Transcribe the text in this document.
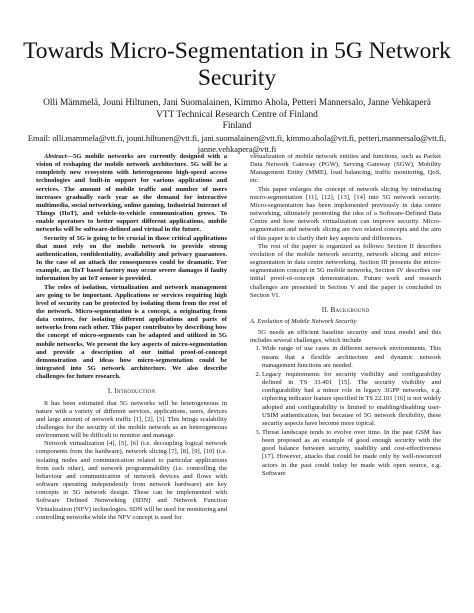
Towards Micro-Segmentation in 5G Network Security
Olli Mämmelä, Jouni Hiltunen, Jani Suomalainen, Kimmo Ahola, Petteri Mannersalo, Janne Vehkaperä
VTT Technical Research Centre of Finland
Finland
Email: olli.mammela@vtt.fi, jouni.hiltunen@vtt.fi, jani.suomalainen@vtt.fi, kimmo.ahola@vtt.fi, petteri.mannersalo@vtt.fi,
janne.vehkapera@vtt.fi

Abstract—5G mobile networks are currently designed with a vision of reshaping the mobile network architecture. 5G will be a completely new ecosystem with heterogeneous high-speed access technologies and built-in support for various applications and services. The amount of mobile traffic and number of users increases gradually each year as the demand for interactive multimedia, social networking, online gaming, Industrial Internet of Things (IIoT), and vehicle-to-vehicle communication grows. To enable operators to better support different applications, mobile networks will be software-defined and virtual in the future.

Security of 5G is going to be crucial in those critical applications that must rely on the mobile network to provide strong authentication, confidentiality, availability and privacy guarantees. In the case of an attack the consequences could be dramatic. For example, an IIoT based factory may occur severe damages if faulty information by an IoT sensor is provided.

The roles of isolation, virtualization and network management are going to be important. Applications or services requiring high level of security can be protected by isolating them from the rest of the network. Micro-segmentation is a concept, a originating from data centres, for isolating different applications and parts of networks from each other. This paper contributes by describing how the concept of micro-segments can be adapted and utilized in 5G mobile networks. We present the key aspects of micro-segmentation and provide a description of our initial proof-of-concept demonstration and ideas how micro-segmentation could be integrated into 5G network architecture. We also describe challenges for future research.

I. Introduction

It has been estimated that 5G networks will be heterogeneous in nature with a variety of different services, applications, users, devices and large amount of network traffic [1], [2], [3]. This brings scalability challenges for the security of the mobile network as an heterogeneous environment will be difficult to monitor and manage.

Network virtualization [4], [5], [6] (i.e. decoupling logical network components from the hardware), network slicing [7], [8], [9], [10] (i.e. isolating nodes and communication related to particular applications from each other), and network programmability (i.e. controlling the behaviour and communication of network devices and flows with software operating independently from network hardware) are key concepts in 5G network design. These can be implemented with Software Defined Networking (SDN) and Network Function Virtualization (NFV) technologies. SDN will be used for monitoring and controlling networks while the NFV concept is used for

virtualization of mobile network entities and functions, such as Packet Data Network Gateway (PGW), Serving Gateway (SGW), Mobility Management Entity (MME), load balancing, traffic monitoring, QoS, etc.

This paper enlarges the concept of network slicing by introducing micro-segmentation [11], [12], [13], [14] into 5G network security. Micro-segmentation has been implemented previously in data centre networking, ultimately promoting the idea of a Software-Defined Data Centre and how network virtualization can improve security. Micro-segmentation and network slicing are two related concepts and the aim of this paper is to clarify their key aspects and differences.

The rest of the paper is organized as follows: Section II describes evolution of the mobile network security, network slicing and micro-segmentation in data centre networking. Section III presents the micro-segmentation concept in 5G mobile networks, Section IV describes our initial proof-of-concept demonstration. Future work and research challenges are presented in Section V and the paper is concluded in Section VI.

II. Background
A. Evolution of Mobile Network Security

5G needs an efficient baseline security and trust model and this includes several challenges, which include

1. Wide range of use cases in different network environments. This means that a flexible architecture and dynamic network management functions are needed.
2. Legacy requirements for security visibility and configurability defined in TS 33.401 [15]. The security visibility and configurability had a minor role in legacy 3GPP networks, e.g. ciphering indicator feature specified in TS 22.101 [16] is not widely adopted and configurability is limited to enabling/disabling user-USIM authentication, but because of 5G network flexibility, these security aspects have become more topical.
3. Threat landscape tends to evolve over time. In the past GSM has been proposed as an example of good enough security with the good balance between security, usability and cost-effectiveness [17]. However, attacks that could be made only by well-resourced actors in the past could today be made with open source, e.g. Software
